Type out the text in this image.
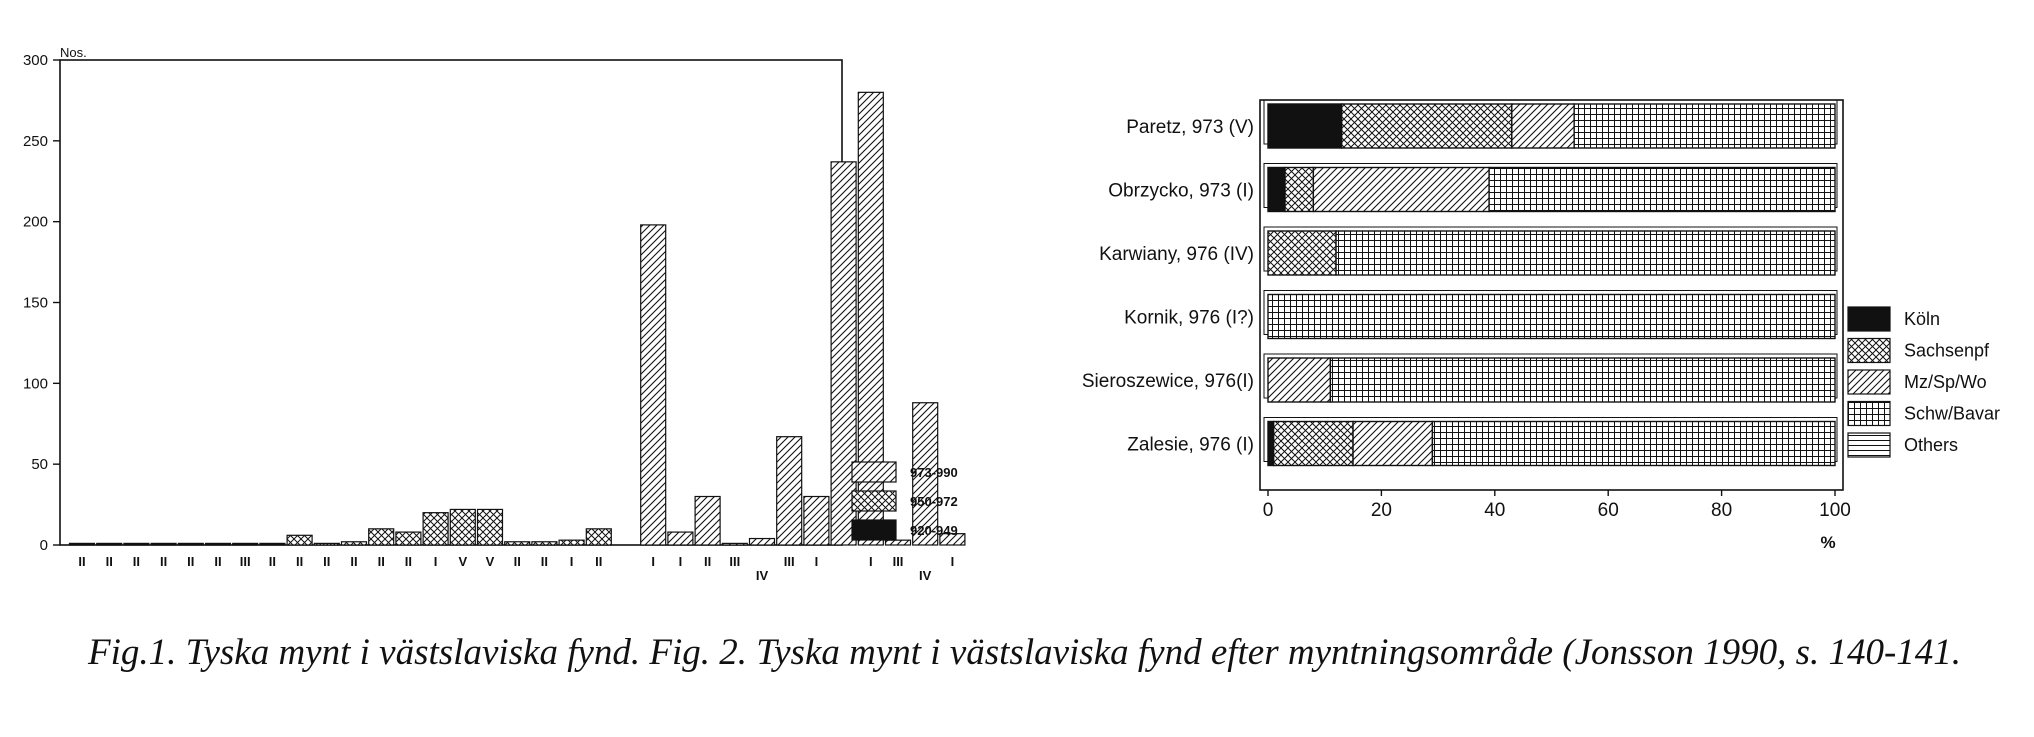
Nos.
0
50
100
150
200
250
300
II II II II II II III II II II II II II I V V II II I II	I I II III
IV
III I	I III
IV
I
973-990
950-972
920-949
0	20	40	60	80	100
Paretz, 973 (V)
Obrzycko, 973 (I)
Karwiany, 976 (IV)
Kornik, 976 (I?)
Sieroszewice, 976(I)
Zalesie, 976 (I)
Köln
Sachsenpf
Mz/Sp/Wo
Schw/Bavar
Others
%
Fig.1. Tyska mynt i västslaviska fynd. Fig. 2. Tyska mynt i västslaviska fynd efter myntningsområde (Jonsson 1990, s. 140-141.
